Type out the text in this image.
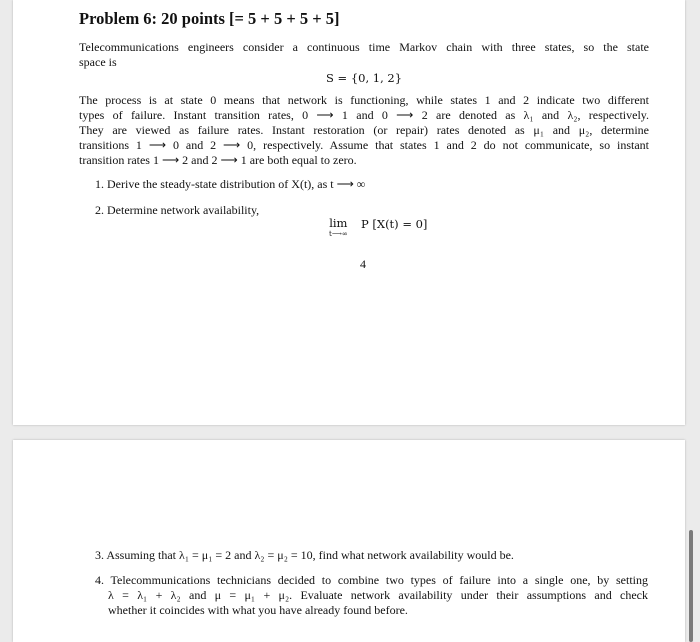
Problem 6: 20 points [= 5 + 5 + 5 + 5]
Telecommunications engineers consider a continuous time Markov chain with three states, so the state
space is
S = {0, 1, 2}
The process is at state 0 means that network is functioning, while states 1 and 2 indicate two different
types of failure. Instant transition rates, 0 ⟶ 1 and 0 ⟶ 2 are denoted as λ₁ and λ₂, respectively.
They are viewed as failure rates. Instant restoration (or repair) rates denoted as μ₁ and μ₂, determine
transitions 1 ⟶ 0 and 2 ⟶ 0, respectively. Assume that states 1 and 2 do not communicate, so instant
transition rates 1 ⟶ 2 and 2 ⟶ 1 are both equal to zero.
1. Derive the steady-state distribution of X(t), as t ⟶ ∞
2. Determine network availability,
lim
t⟶∞
P [X(t) = 0]
4
3. Assuming that λ₁ = μ₁ = 2 and λ₂ = μ₂ = 10, find what network availability would be.
4. Telecommunications technicians decided to combine two types of failure into a single one, by setting
λ = λ₁ + λ₂ and μ = μ₁ + μ₂. Evaluate network availability under their assumptions and check
whether it coincides with what you have already found before.
